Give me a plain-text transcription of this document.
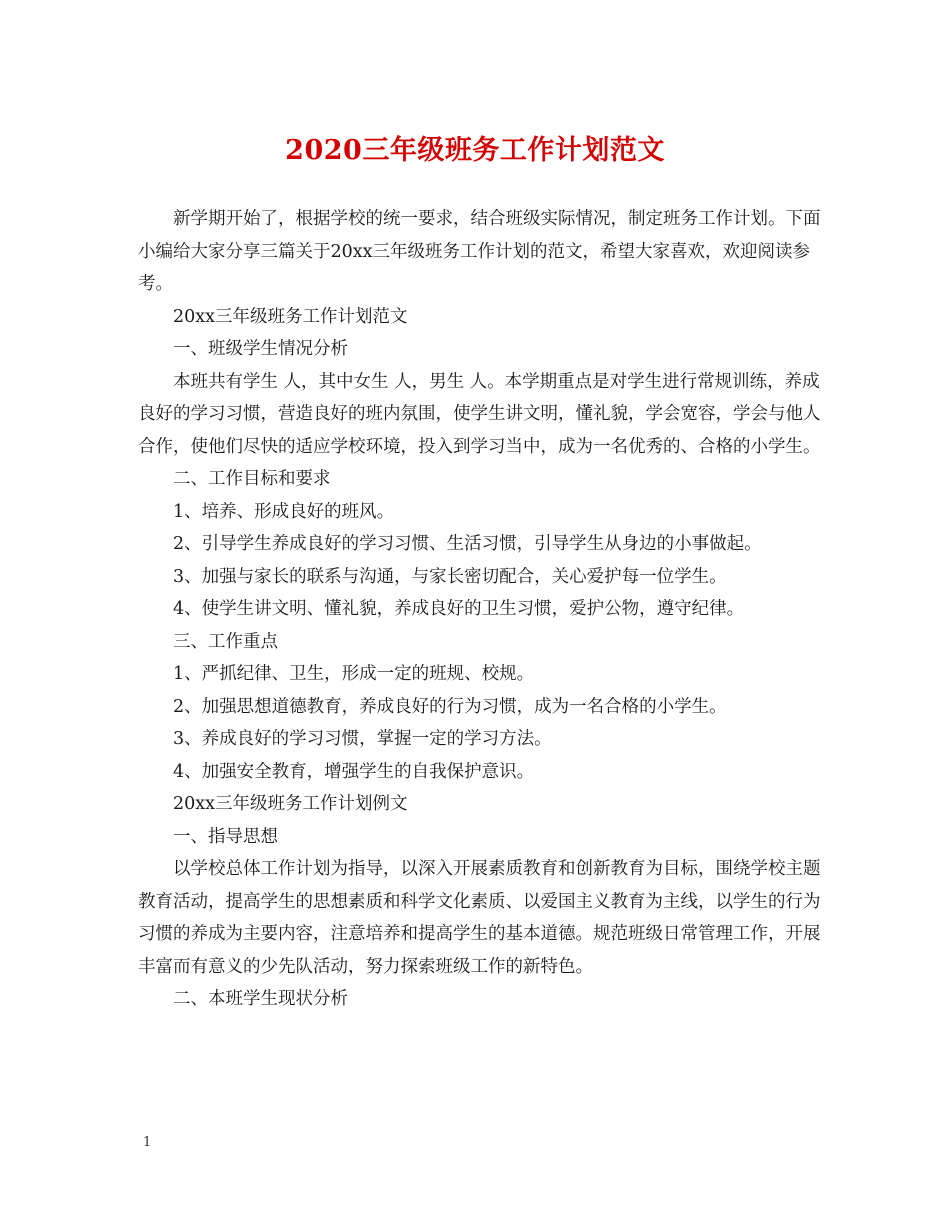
2020三年级班务工作计划范文

新学期开始了，根据学校的统一要求，结合班级实际情况，制定班务工作计划。下面小编给大家分享三篇关于20xx三年级班务工作计划的范文，希望大家喜欢，欢迎阅读参考。

20xx三年级班务工作计划范文

一、班级学生情况分析

本班共有学生 人，其中女生 人，男生 人。本学期重点是对学生进行常规训练，养成良好的学习习惯，营造良好的班内氛围，使学生讲文明，懂礼貌，学会宽容，学会与他人合作，使他们尽快的适应学校环境，投入到学习当中，成为一名优秀的、合格的小学生。

二、工作目标和要求

1、培养、形成良好的班风。

2、引导学生养成良好的学习习惯、生活习惯，引导学生从身边的小事做起。

3、加强与家长的联系与沟通，与家长密切配合，关心爱护每一位学生。

4、使学生讲文明、懂礼貌，养成良好的卫生习惯，爱护公物，遵守纪律。

三、工作重点

1、严抓纪律、卫生，形成一定的班规、校规。

2、加强思想道德教育，养成良好的行为习惯，成为一名合格的小学生。

3、养成良好的学习习惯，掌握一定的学习方法。

4、加强安全教育，增强学生的自我保护意识。

20xx三年级班务工作计划例文

一、指导思想

以学校总体工作计划为指导，以深入开展素质教育和创新教育为目标，围绕学校主题教育活动，提高学生的思想素质和科学文化素质、以爱国主义教育为主线，以学生的行为习惯的养成为主要内容，注意培养和提高学生的基本道德。规范班级日常管理工作，开展丰富而有意义的少先队活动，努力探索班级工作的新特色。

二、本班学生现状分析

1
